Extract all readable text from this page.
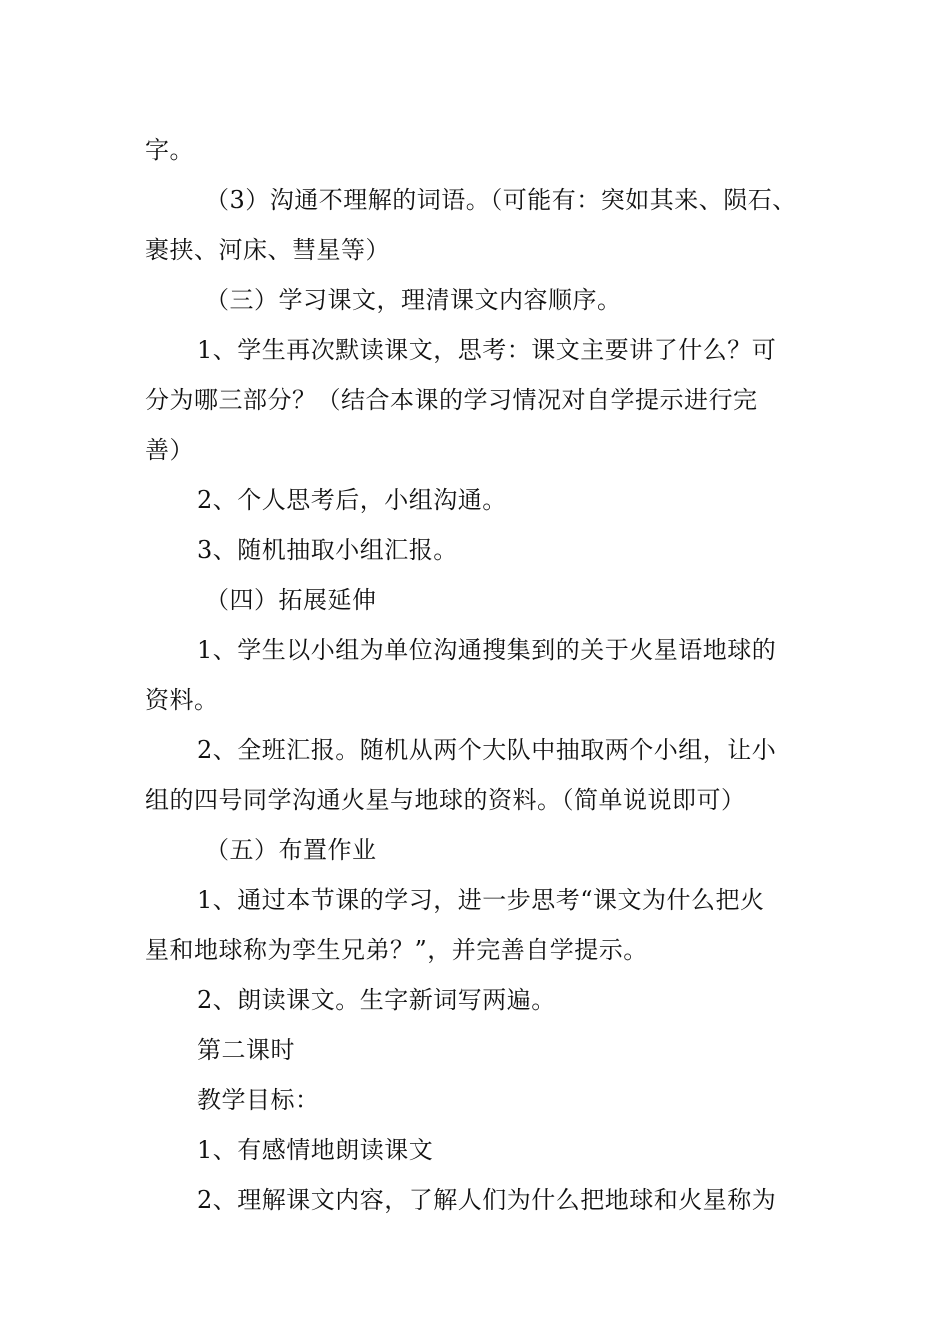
字。

（3）沟通不理解的词语。（可能有：突如其来、陨石、

裹挟、河床、彗星等）

（三）学习课文，理清课文内容顺序。

1、学生再次默读课文，思考：课文主要讲了什么？可

分为哪三部分？（结合本课的学习情况对自学提示进行完

善）

2、个人思考后，小组沟通。

3、随机抽取小组汇报。

（四）拓展延伸

1、学生以小组为单位沟通搜集到的关于火星语地球的

资料。

2、全班汇报。随机从两个大队中抽取两个小组，让小

组的四号同学沟通火星与地球的资料。（简单说说即可）

（五）布置作业

1、通过本节课的学习，进一步思考“课文为什么把火

星和地球称为孪生兄弟？”，并完善自学提示。

2、朗读课文。生字新词写两遍。

第二课时

教学目标：

1、有感情地朗读课文

2、理解课文内容，了解人们为什么把地球和火星称为
